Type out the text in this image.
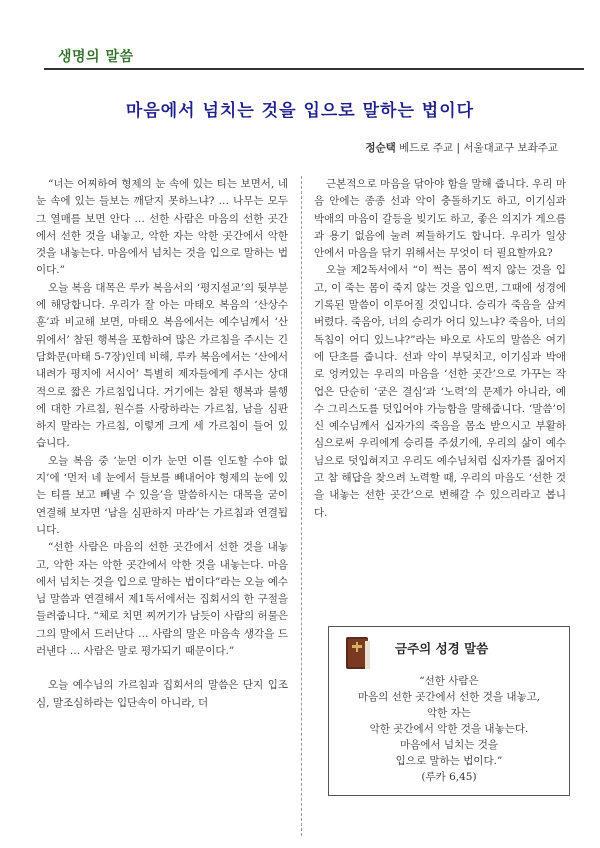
생명의 말씀
마음에서 넘치는 것을 입으로 말하는 법이다
정순택 베드로 주교 | 서울대교구 보좌주교

“너는 어찌하여 형제의 눈 속에 있는 티는 보면서, 네 눈 속에 있는 들보는 깨닫지 못하느냐? … 나무는 모두 그 열매를 보면 안다 … 선한 사람은 마음의 선한 곳간에서 선한 것을 내놓고, 악한 자는 악한 곳간에서 악한 것을 내놓는다. 마음에서 넘치는 것을 입으로 말하는 법이다.”

오늘 복음 대목은 루카 복음서의 ‘평지설교’의 뒷부분에 해당합니다. 우리가 잘 아는 마태오 복음의 ‘산상수훈’과 비교해 보면, 마태오 복음에서는 예수님께서 ‘산 위에서’ 참된 행복을 포함하여 많은 가르침을 주시는 긴 담화문(마태 5-7장)인데 비해, 루카 복음에서는 ‘산에서 내려가 평지에 서시어’ 특별히 제자들에게 주시는 상대적으로 짧은 가르침입니다. 거기에는 참된 행복과 불행에 대한 가르침, 원수를 사랑하라는 가르침, 남을 심판하지 말라는 가르침, 이렇게 크게 세 가르침이 들어 있습니다.

오늘 복음 중 ‘눈먼 이가 눈먼 이를 인도할 수야 없지’에 ‘먼저 네 눈에서 들보를 빼내어야 형제의 눈에 있는 티를 보고 빼낼 수 있을’을 말씀하시는 대목을 굳이 연결해 보자면 ‘남을 심판하지 마라’는 가르침과 연결됩니다.

“선한 사람은 마음의 선한 곳간에서 선한 것을 내놓고, 악한 자는 악한 곳간에서 악한 것을 내놓는다. 마음에서 넘치는 것을 입으로 말하는 법이다”라는 오늘 예수님 말씀과 연결해서 제1독서에서는 집회서의 한 구절을 들려줍니다. “체로 치면 찌꺼기가 남듯이 사람의 허물은 그의 말에서 드러난다 … 사람의 말은 마음속 생각을 드러낸다 … 사람은 말로 평가되기 때문이다.”

오늘 예수님의 가르침과 집회서의 말씀은 단지 입조심, 말조심하라는 입단속이 아니라, 더

근본적으로 마음을 닦아야 함을 말해 줍니다. 우리 마음 안에는 종종 선과 악이 충돌하기도 하고, 이기심과 박애의 마음이 갈등을 빚기도 하고, 좋은 의지가 게으름과 용기 없음에 눌려 찌들하기도 합니다. 우리가 일상 안에서 마음을 닦기 위해서는 무엇이 더 필요할까요?

오늘 제2독서에서 “이 썩는 몸이 썩지 않는 것을 입고, 이 죽는 몸이 죽지 않는 것을 입으면, 그때에 성경에 기록된 말씀이 이루어질 것입니다. 승리가 죽음을 삼켜 버렸다. 죽음아, 너의 승리가 어디 있느냐? 죽음아, 너의 독침이 어디 있느냐?”라는 바오로 사도의 말씀은 여기에 단초를 줍니다. 선과 악이 부딪치고, 이기심과 박애로 엉켜있는 우리의 마음을 ‘선한 곳간’으로 가꾸는 작업은 단순히 ‘굳은 결심’과 ‘노력’의 문제가 아니라, 예수 그리스도를 덧입어야 가능함을 말해줍니다. ‘말씀’이신 예수님께서 십자가의 죽음을 몸소 받으시고 부활하심으로써 우리에게 승리를 주셨기에, 우리의 삶이 예수님으로 덧입혀지고 우리도 예수님처럼 십자가를 짊어지고 참 해답을 찾으려 노력할 때, 우리의 마음도 ‘선한 것을 내놓는 선한 곳간’으로 변해갈 수 있으리라고 봅니다.

금주의 성경 말씀
“선한 사람은
마음의 선한 곳간에서 선한 것을 내놓고,
악한 자는
악한 곳간에서 악한 것을 내놓는다.
마음에서 넘치는 것을
입으로 말하는 법이다.”
(루카 6,45)
